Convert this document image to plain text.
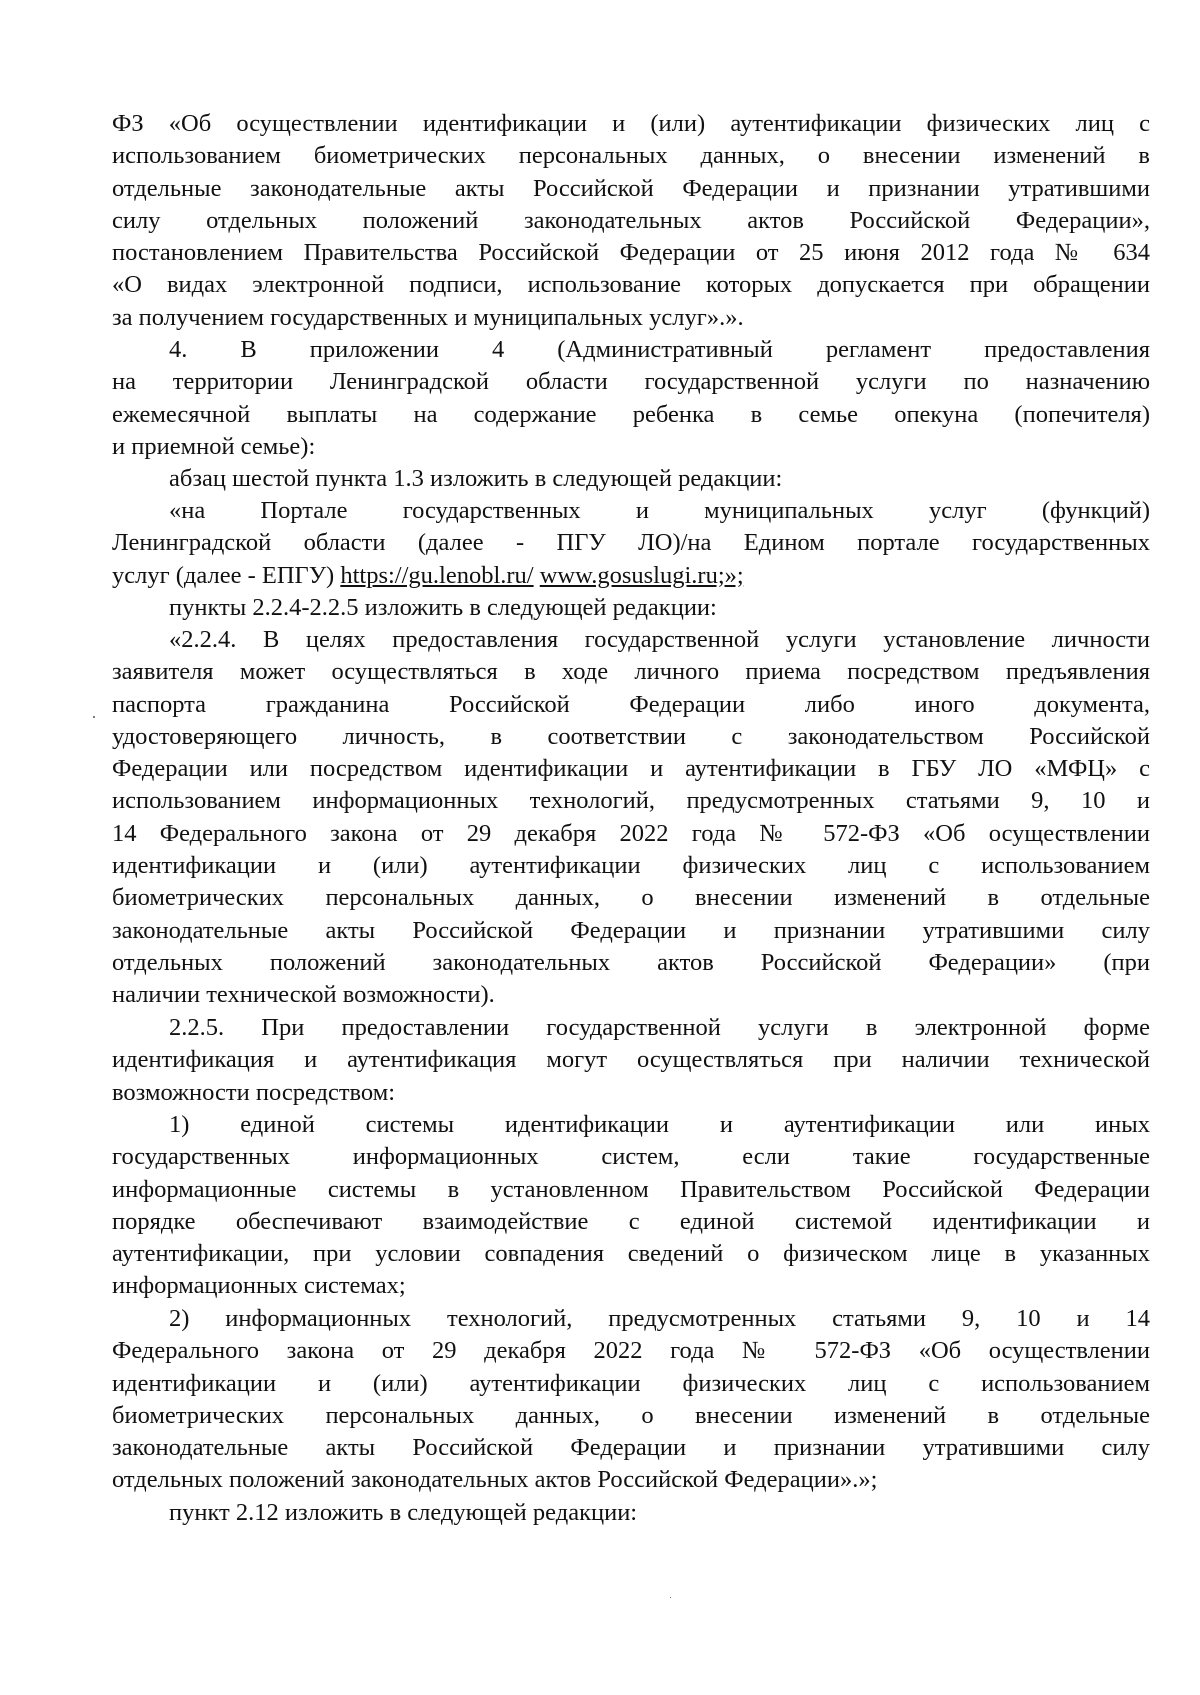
ФЗ «Об осуществлении идентификации и (или) аутентификации физических лиц с
использованием биометрических персональных данных, о внесении изменений в
отдельные законодательные акты Российской Федерации и признании утратившими
силу отдельных положений законодательных актов Российской Федерации»,
постановлением Правительства Российской Федерации от 25 июня 2012 года № 634
«О видах электронной подписи, использование которых допускается при обращении
за получением государственных и муниципальных услуг».».
4. В приложении 4 (Административный регламент предоставления
на территории Ленинградской области государственной услуги по назначению
ежемесячной выплаты на содержание ребенка в семье опекуна (попечителя)
и приемной семье):
абзац шестой пункта 1.3 изложить в следующей редакции:
«на Порталe государственных и муниципальных услуг (функций)
Ленинградской области (далее - ПГУ ЛО)/на Едином портале государственных
услуг (далее - ЕПГУ) https://gu.lenobl.ru/ www.gosuslugi.ru;»;
пункты 2.2.4-2.2.5 изложить в следующей редакции:
«2.2.4. В целях предоставления государственной услуги установление личности
заявителя может осуществляться в ходе личного приема посредством предъявления
паспорта гражданина Российской Федерации либо иного документа,
удостоверяющего личность, в соответствии с законодательством Российской
Федерации или посредством идентификации и аутентификации в ГБУ ЛО «МФЦ» с
использованием информационных технологий, предусмотренных статьями 9, 10 и
14 Федерального закона от 29 декабря 2022 года № 572-ФЗ «Об осуществлении
идентификации и (или) аутентификации физических лиц с использованием
биометрических персональных данных, о внесении изменений в отдельные
законодательные акты Российской Федерации и признании утратившими силу
отдельных положений законодательных актов Российской Федерации» (при
наличии технической возможности).
2.2.5. При предоставлении государственной услуги в электронной форме
идентификация и аутентификация могут осуществляться при наличии технической
возможности посредством:
1) единой системы идентификации и аутентификации или иных
государственных информационных систем, если такие государственные
информационные системы в установленном Правительством Российской Федерации
порядке обеспечивают взаимодействие с единой системой идентификации и
аутентификации, при условии совпадения сведений о физическом лице в указанных
информационных системах;
2) информационных технологий, предусмотренных статьями 9, 10 и 14
Федерального закона от 29 декабря 2022 года № 572-ФЗ «Об осуществлении
идентификации и (или) аутентификации физических лиц с использованием
биометрических персональных данных, о внесении изменений в отдельные
законодательные акты Российской Федерации и признании утратившими силу
отдельных положений законодательных актов Российской Федерации».»;
пункт 2.12 изложить в следующей редакции:
